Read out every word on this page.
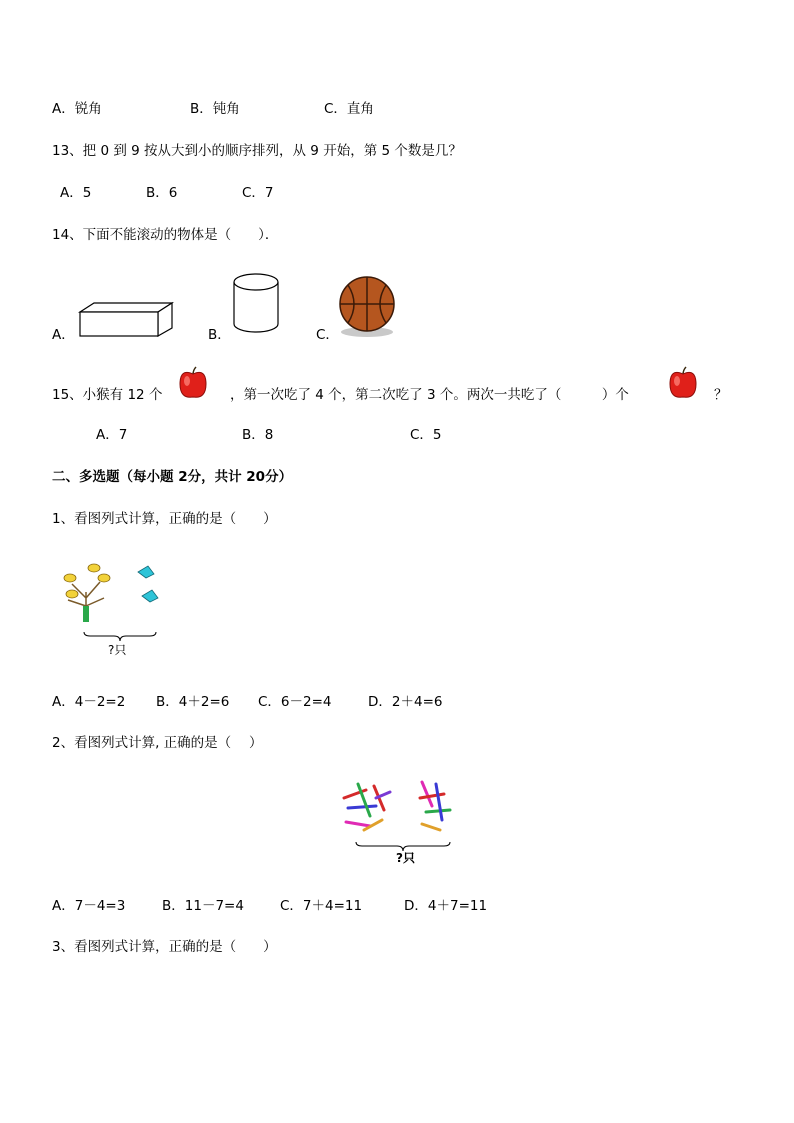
A．锐角	B．钝角	C．直角
13、把 0 到 9 按从大到小的顺序排列，从 9 开始，第 5 个数是几？
A．5	B．6	C．7
14、下面不能滚动的物体是（　　）．
A．	B．	C．
15、小猴有 12 个	，第一次吃了 4 个，第二次吃了 3 个。两次一共吃了（　　　）个	？
A．7	B．8	C．5
二、多选题（每小题 2分，共计 20分）
1、看图列式计算，正确的是（　　）
?只
A．4－2=2 B．4＋2=6 C．6－2=4	D．2＋4=6
2、看图列式计算, 正确的是（　 ）
?只
A．7－4=3	B．11－7=4	C．7＋4=11	D．4＋7=11
3、看图列式计算，正确的是（　　）
